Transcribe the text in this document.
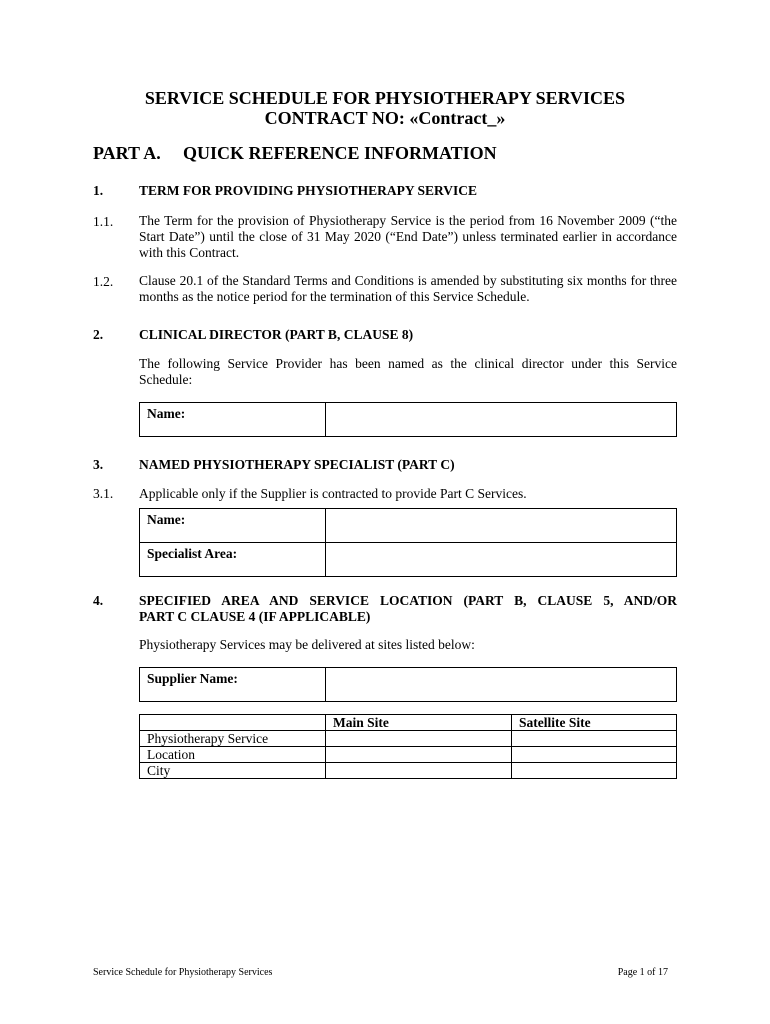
SERVICE SCHEDULE FOR PHYSIOTHERAPY SERVICES
CONTRACT NO: «Contract_»
PART A. QUICK REFERENCE INFORMATION
1.	TERM FOR PROVIDING PHYSIOTHERAPY SERVICE
1.1. The Term for the provision of Physiotherapy Service is the period from 16 November 2009 (“the Start Date”) until the close of 31 May 2020 (“End Date”) unless terminated earlier in accordance with this Contract.
1.2. Clause 20.1 of the Standard Terms and Conditions is amended by substituting six months for three months as the notice period for the termination of this Service Schedule.
2.	CLINICAL DIRECTOR (PART B, CLAUSE 8)
The following Service Provider has been named as the clinical director under this Service Schedule:
Name:	
3.	NAMED PHYSIOTHERAPY SPECIALIST (PART C)
3.1. Applicable only if the Supplier is contracted to provide Part C Services.
Name:	
Specialist Area:	
4.	SPECIFIED AREA AND SERVICE LOCATION (PART B, CLAUSE 5, AND/OR
PART C CLAUSE 4 (IF APPLICABLE)
Physiotherapy Services may be delivered at sites listed below:
Supplier Name:	
	Main Site	Satellite Site
Physiotherapy Service		
Location		
City		
Service Schedule for Physiotherapy Services	Page 1 of 17
